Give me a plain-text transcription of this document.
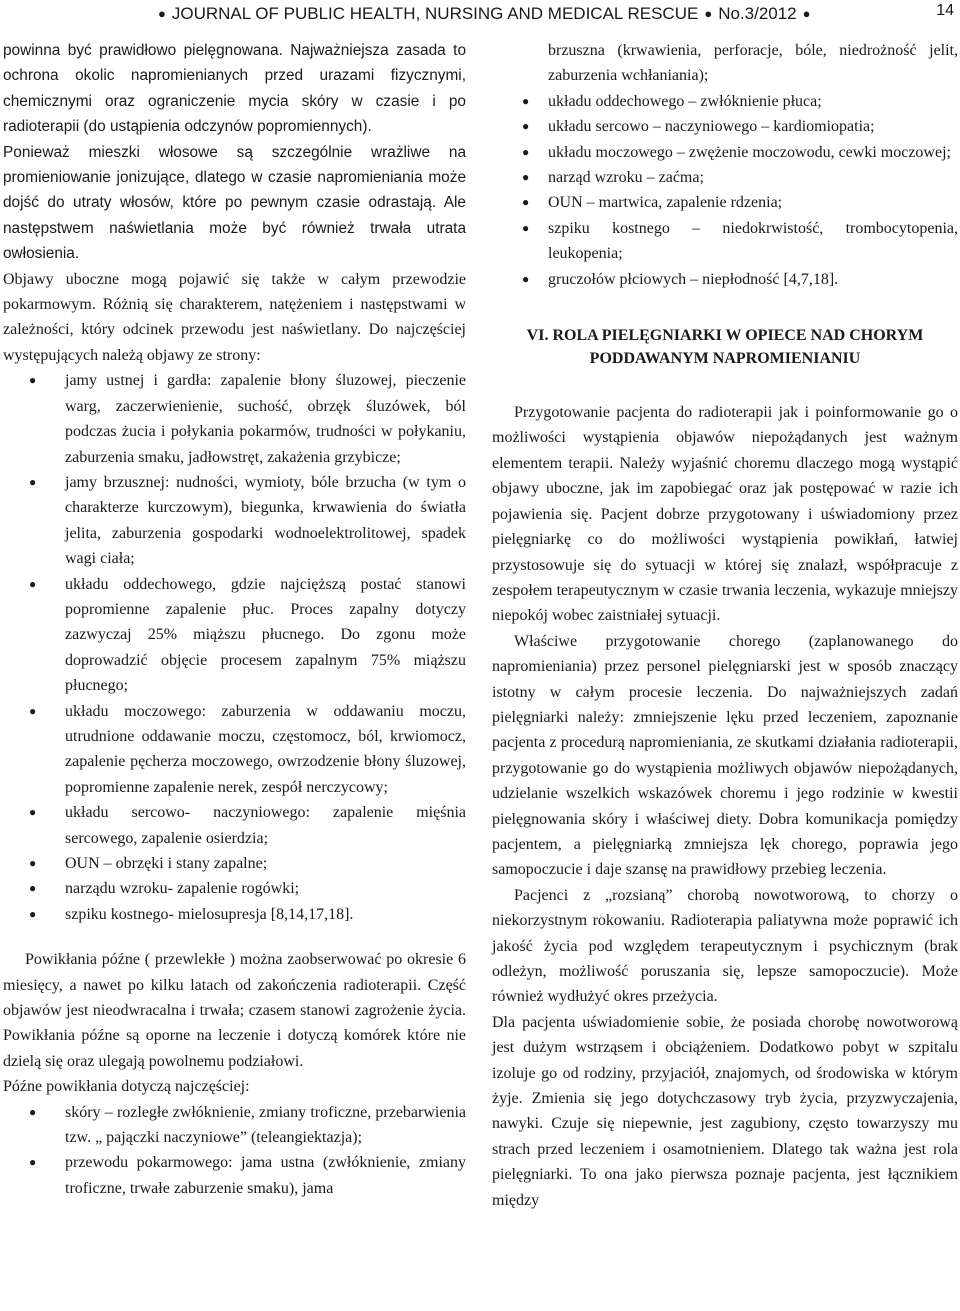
● JOURNAL OF PUBLIC HEALTH, NURSING AND MEDICAL RESCUE ● No.3/2012 ●	14

powinna być prawidłowo pielęgnowana. Najważniejsza zasada to ochrona okolic napromienianych przed urazami fizycznymi, chemicznymi oraz ograniczenie mycia skóry w czasie i po radioterapii (do ustąpienia odczynów popromiennych).

Ponieważ mieszki włosowe są szczególnie wrażliwe na promieniowanie jonizujące, dlatego w czasie napromieniania może dojść do utraty włosów, które po pewnym czasie odrastają. Ale następstwem naświetlania może być również trwała utrata owłosienia.

Objawy uboczne mogą pojawić się także w całym przewodzie pokarmowym. Różnią się charakterem, natężeniem i następstwami w zależności, który odcinek przewodu jest naświetlany. Do najczęściej występujących należą objawy ze strony:

● jamy ustnej i gardła: zapalenie błony śluzowej, pieczenie warg, zaczerwienienie, suchość, obrzęk śluzówek, ból podczas żucia i połykania pokarmów, trudności w połykaniu, zaburzenia smaku, jadłowstręt, zakażenia grzybicze;
● jamy brzusznej: nudności, wymioty, bóle brzucha (w tym o charakterze kurczowym), biegunka, krwawienia do światła jelita, zaburzenia gospodarki wodnoelektrolitowej, spadek wagi ciała;
● układu oddechowego, gdzie najcięższą postać stanowi popromienne zapalenie płuc. Proces zapalny dotyczy zazwyczaj 25% miąższu płucnego. Do zgonu może doprowadzić objęcie procesem zapalnym 75% miąższu płucnego;
● układu moczowego: zaburzenia w oddawaniu moczu, utrudnione oddawanie moczu, częstomocz, ból, krwiomocz, zapalenie pęcherza moczowego, owrzodzenie błony śluzowej, popromienne zapalenie nerek, zespół nerczycowy;
● układu sercowo- naczyniowego: zapalenie mięśnia sercowego, zapalenie osierdzia;
● OUN – obrzęki i stany zapalne;
● narządu wzroku- zapalenie rogówki;
● szpiku kostnego- mielosupresja [8,14,17,18].

Powikłania późne ( przewlekłe ) można zaobserwować po okresie 6 miesięcy, a nawet po kilku latach od zakończenia radioterapii. Część objawów jest nieodwracalna i trwała; czasem stanowi zagrożenie życia. Powikłania późne są oporne na leczenie i dotyczą komórek które nie dzielą się oraz ulegają powolnemu podziałowi.

Późne powikłania dotyczą najczęściej:

● skóry – rozległe zwłóknienie, zmiany troficzne, przebarwienia tzw. „ pajączki naczyniowe” (teleangiektazja);
● przewodu pokarmowego: jama ustna (zwłóknienie, zmiany troficzne, trwałe zaburzenie smaku), jama
brzuszna (krwawienia, perforacje, bóle, niedrożność jelit, zaburzenia wchłaniania);
● układu oddechowego – zwłóknienie płuca;
● układu sercowo – naczyniowego – kardiomiopatia;
● układu moczowego – zwężenie moczowodu, cewki moczowej;
● narząd wzroku – zaćma;
● OUN – martwica, zapalenie rdzenia;
● szpiku kostnego – niedokrwistość, trombocytopenia, leukopenia;
● gruczołów płciowych – niepłodność [4,7,18].
VI. ROLA PIELĘGNIARKI W OPIECE NAD CHORYM PODDAWANYM NAPROMIENIANIU

Przygotowanie pacjenta do radioterapii jak i poinformowanie go o możliwości wystąpienia objawów niepożądanych jest ważnym elementem terapii. Należy wyjaśnić choremu dlaczego mogą wystąpić objawy uboczne, jak im zapobiegać oraz jak postępować w razie ich pojawienia się. Pacjent dobrze przygotowany i uświadomiony przez pielęgniarkę co do możliwości wystąpienia powikłań, łatwiej przystosowuje się do sytuacji w której się znalazł, współpracuje z zespołem terapeutycznym w czasie trwania leczenia, wykazuje mniejszy niepokój wobec zaistniałej sytuacji.

Właściwe przygotowanie chorego (zaplanowanego do napromieniania) przez personel pielęgniarski jest w sposób znaczący istotny w całym procesie leczenia. Do najważniejszych zadań pielęgniarki należy: zmniejszenie lęku przed leczeniem, zapoznanie pacjenta z procedurą napromieniania, ze skutkami działania radioterapii, przygotowanie go do wystąpienia możliwych objawów niepożądanych, udzielanie wszelkich wskazówek choremu i jego rodzinie w kwestii pielęgnowania skóry i właściwej diety. Dobra komunikacja pomiędzy pacjentem, a pielęgniarką zmniejsza lęk chorego, poprawia jego samopoczucie i daje szansę na prawidłowy przebieg leczenia.

Pacjenci z „rozsianą” chorobą nowotworową, to chorzy o niekorzystnym rokowaniu. Radioterapia paliatywna może poprawić ich jakość życia pod względem terapeutycznym i psychicznym (brak odleżyn, możliwość poruszania się, lepsze samopoczucie). Może również wydłużyć okres przeżycia.

Dla pacjenta uświadomienie sobie, że posiada chorobę nowotworową jest dużym wstrząsem i obciążeniem. Dodatkowo pobyt w szpitalu izoluje go od rodziny, przyjaciół, znajomych, od środowiska w którym żyje. Zmienia się jego dotychczasowy tryb życia, przyzwyczajenia, nawyki. Czuje się niepewnie, jest zagubiony, często towarzyszy mu strach przed leczeniem i osamotnieniem. Dlatego tak ważna jest rola pielęgniarki. To ona jako pierwsza poznaje pacjenta, jest łącznikiem między
